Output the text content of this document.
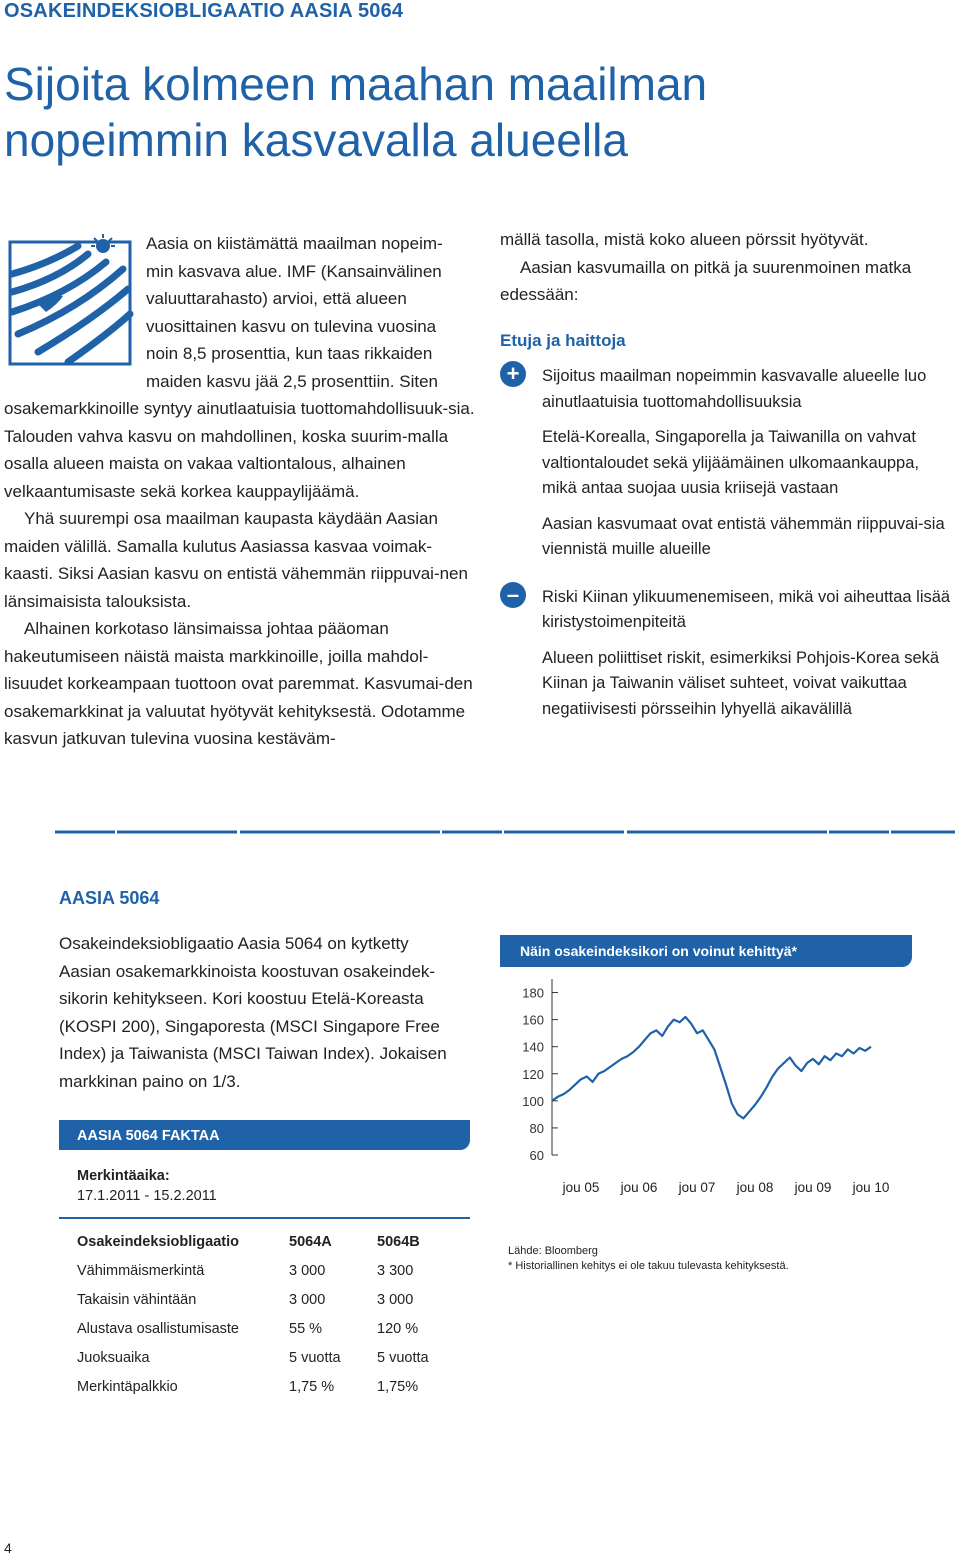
OSAKEINDEKSIOBLIGAATIO AASIA 5064
Sijoita kolmeen maahan maailman
nopeimmin kasvavalla alueella

Aasia on kiistämättä maailman nopeim-
min kasvava alue. IMF (Kansainvälinen
valuuttarahasto) arvioi, että alueen
vuosittainen kasvu on tulevina vuosina
noin 8,5 prosenttia, kun taas rikkaiden
maiden kasvu jää 2,5 prosenttiin. Siten

osakemarkkinoille syntyy ainutlaatuisia tuottomahdollisuuk-sia. Talouden vahva kasvu on mahdollinen, koska suurim-malla osalla alueen maista on vakaa valtiontalous, alhainen velkaantumisaste sekä korkea kauppaylijäämä.

Yhä suurempi osa maailman kaupasta käydään Aasian maiden välillä. Samalla kulutus Aasiassa kasvaa voimak-kaasti. Siksi Aasian kasvu on entistä vähemmän riippuvai-nen länsimaisista talouksista.

Alhainen korkotaso länsimaissa johtaa pääoman hakeutumiseen näistä maista markkinoille, joilla mahdol-lisuudet korkeampaan tuottoon ovat paremmat. Kasvumai-den osakemarkkinat ja valuutat hyötyvät kehityksestä. Odotamme kasvun jatkuvan tulevina vuosina kestäväm-

mällä tasolla, mistä koko alueen pörssit hyötyvät.

Aasian kasvumailla on pitkä ja suurenmoinen matka edessään:

Etuja ja haittoja
+	Sijoitus maailman nopeimmin kasvavalle alueelle luo ainutlaatuisia tuottomahdollisuuksia

Etelä-Korealla, Singaporella ja Taiwanilla on vahvat valtiontaloudet sekä ylijäämäinen ulkomaankauppa, mikä antaa suojaa uusia kriisejä vastaan

Aasian kasvumaat ovat entistä vähemmän riippuvai-sia viennistä muille alueille

–	Riski Kiinan ylikuumenemiseen, mikä voi aiheuttaa lisää kiristystoimenpiteitä

Alueen poliittiset riskit, esimerkiksi Pohjois-Korea sekä Kiinan ja Taiwanin väliset suhteet, voivat vaikuttaa negatiivisesti pörsseihin lyhyellä aikavälillä

AASIA 5064
Osakeindeksiobligaatio Aasia 5064 on kytketty Aasian osakemarkkinoista koostuvan osakeindek-sikorin kehitykseen. Kori koostuu Etelä-Koreasta (KOSPI 200), Singaporesta (MSCI Singapore Free Index) ja Taiwanista (MSCI Taiwan Index). Jokaisen markkinan paino on 1/3.
AASIA 5064 FAKTAA
Merkintäaika:
17.1.2011 - 15.2.2011
Osakeindeksiobligaatio	5064A	5064B
Vähimmäismerkintä	3 000	3 300
Takaisin vähintään	3 000	3 000
Alustava osallistumisaste	55 %	120 %
Juoksuaika	5 vuotta	5 vuotta
Merkintäpalkkio	1,75 %	1,75%
Näin osakeindeksikori on voinut kehittyä*
180
160
140
120
100
80
60
jou 05 jou 06 jou 07 jou 08 jou 09 jou 10
Lähde: Bloomberg
* Historiallinen kehitys ei ole takuu tulevasta kehityksestä.
4
